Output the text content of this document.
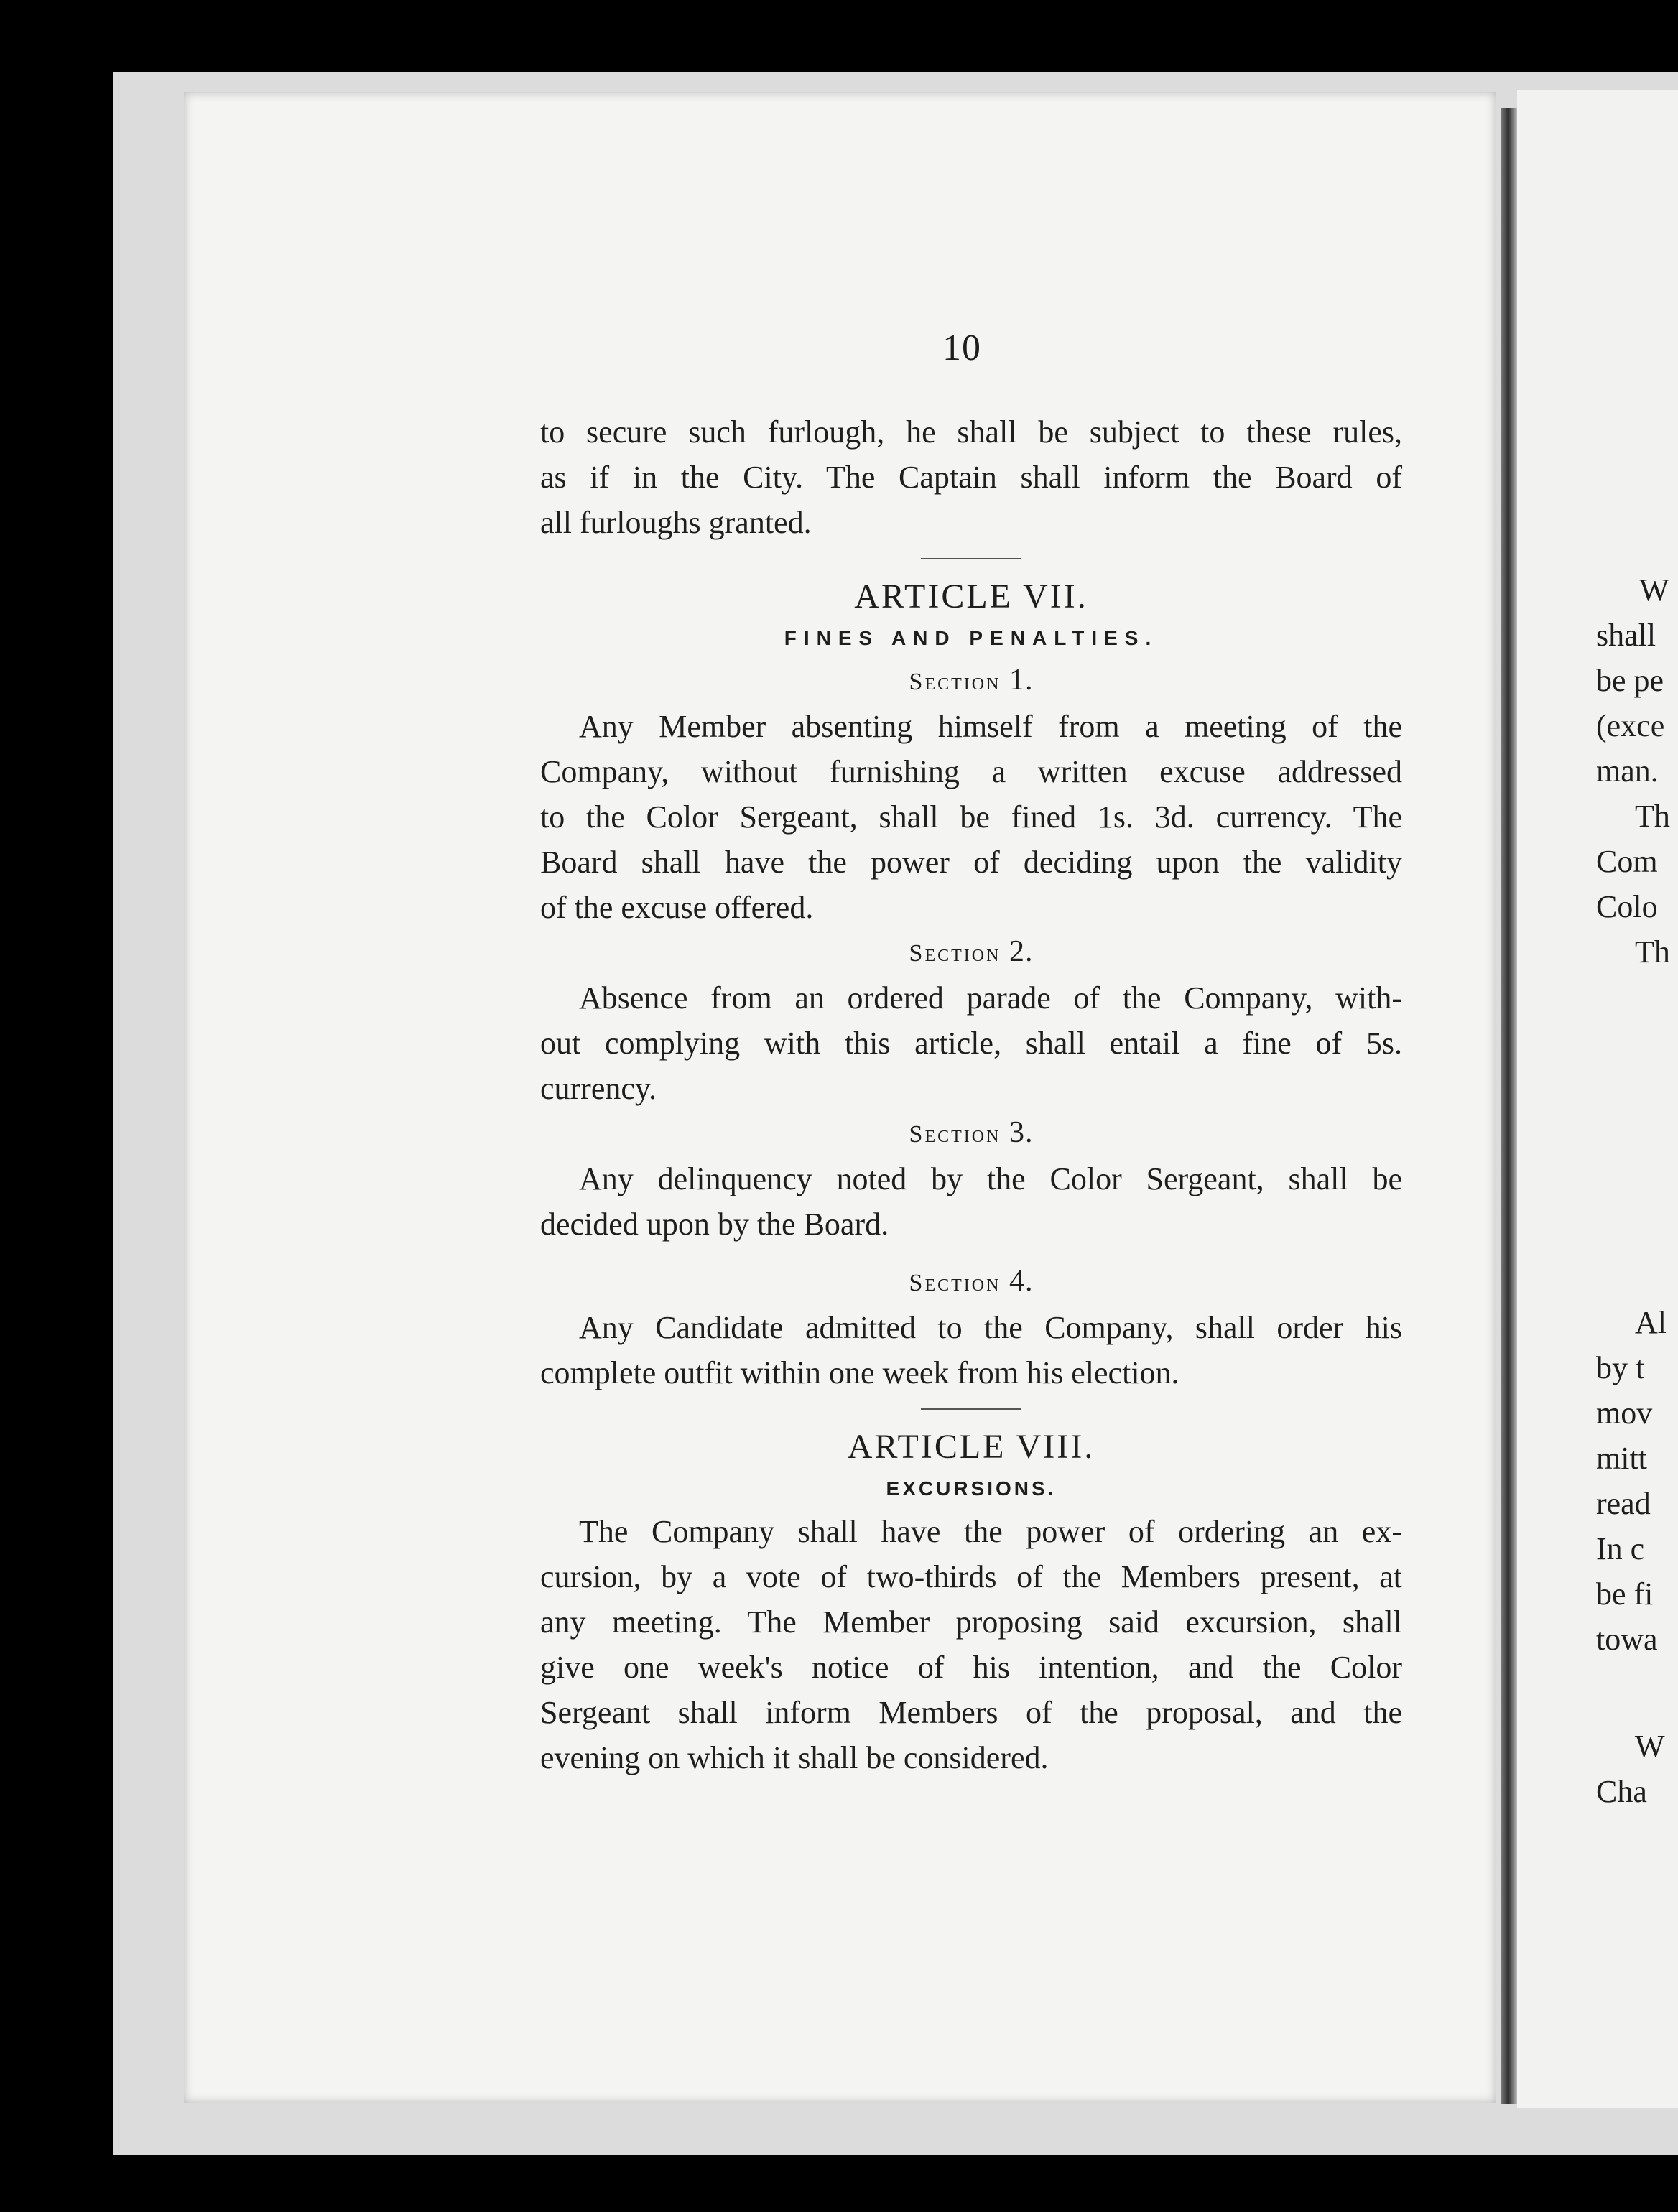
10

to secure such furlough, he shall be subject to these rules,
as if in the City. The Captain shall inform the Board of
all furloughs granted.

ARTICLE VII.

FINES AND PENALTIES.

Section 1.

Any Member absenting himself from a meeting of the
Company, without furnishing a written excuse addressed
to the Color Sergeant, shall be fined 1s. 3d. currency. The
Board shall have the power of deciding upon the validity
of the excuse offered.

Section 2.

Absence from an ordered parade of the Company, with-
out complying with this article, shall entail a fine of 5s.
currency.

Section 3.

Any delinquency noted by the Color Sergeant, shall be
decided upon by the Board.

Section 4.

Any Candidate admitted to the Company, shall order his
complete outfit within one week from his election.

ARTICLE VIII.

EXCURSIONS.

The Company shall have the power of ordering an ex-
cursion, by a vote of two-thirds of the Members present, at
any meeting. The Member proposing said excursion, shall
give one week's notice of his intention, and the Color
Sergeant shall inform Members of the proposal, and the
evening on which it shall be considered.

W
shall
be pe
(exce
man.
Th
Com
Colo
Th
Al
by t
mov
mitt
read
In c
be fi
towa
W
Cha
